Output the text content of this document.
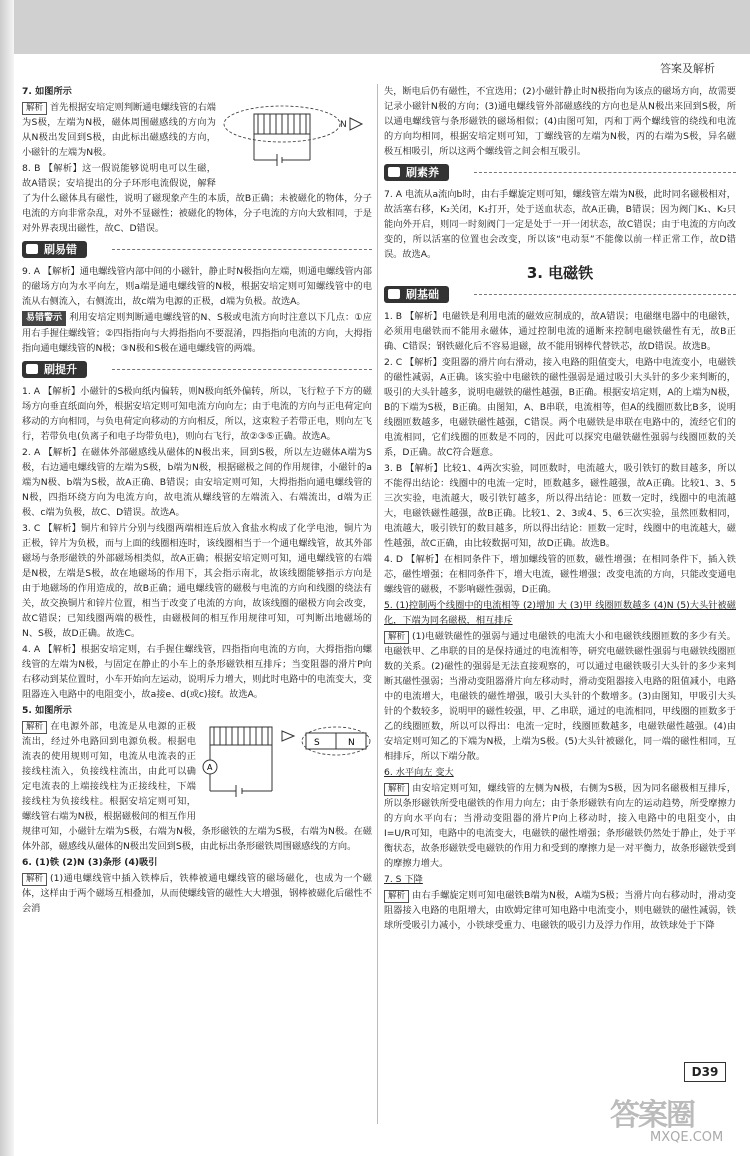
答案及解析

7. 如图所示

N

解析 首先根据安培定则判断通电螺线管的右端为S极，左端为N极，磁体周围磁感线的方向为从N极出发回到S极，由此标出磁感线的方向，小磁针的左端为N极。

8. B 【解析】这一假说能够说明电可以生磁，故A错误；安培提出的分子环形电流假说，解释了为什么磁体具有磁性，说明了磁现象产生的本质，故B正确；未被磁化的物体，分子电流的方向非常杂乱，对外不显磁性；被磁化的物体，分子电流的方向大致相同，于是对外界表现出磁性，故C、D错误。

刷易错

9. A 【解析】通电螺线管内部中间的小磁针，静止时N极指向左端，则通电螺线管内部的磁场方向为水平向左，则a端是通电螺线管的N极，根据安培定则可知螺线管中的电流从右侧流入，右侧流出，故c端为电源的正极，d端为负极。故选A。

易错警示 利用安培定则判断通电螺线管的N、S极或电流方向时注意以下几点：①应用右手握住螺线管；②四指指向与大拇指指向不要混淆，四指指向电流的方向，大拇指指向通电螺线管的N极；③N极和S极在通电螺线管的两端。

刷提升

1. A 【解析】小磁针的S极向纸内偏转，则N极向纸外偏转，所以，飞行粒子下方的磁场方向垂直纸面向外，根据安培定则可知电流方向向左；由于电流的方向与正电荷定向移动的方向相同，与负电荷定向移动的方向相反，所以，这束粒子若带正电，则向左飞行，若带负电(负离子和电子均带负电)，则向右飞行，故②③⑤正确。故选A。

2. A 【解析】在磁体外部磁感线从磁体的N极出来，回到S极，所以左边磁体A端为S极，右边通电螺线管的左端为S极，b端为N极，根据磁极之间的作用规律，小磁针的a端为N极、b端为S极，故A正确、B错误；由安培定则可知，大拇指指向通电螺线管的N极，四指环绕方向为电流方向，故电流从螺线管的左端流入、右端流出，d端为正极、c端为负极，故C、D错误。故选A。

3. C 【解析】铜片和锌片分别与线圈两端相连后放入食盐水构成了化学电池，铜片为正极，锌片为负极，而与上面的线圈相连时，该线圈相当于一个通电螺线管，故其外部磁场与条形磁铁的外部磁场相类似，故A正确；根据安培定则可知，通电螺线管的右端是N极，左端是S极，故在地磁场的作用下，其会指示南北，故该线圈能够指示方向是由于地磁场的作用造成的，故B正确；通电螺线管的磁极与电流的方向和线圈的绕法有关，故交换铜片和锌片位置，相当于改变了电流的方向，故该线圈的磁极方向会改变，故C错误；已知线圈两端的极性，由磁极间的相互作用规律可知，可判断出地磁场的N、S极，故D正确。故选C。

4. A 【解析】根据安培定则，右手握住螺线管，四指指向电流的方向，大拇指指向螺线管的左端为N极，与固定在静止的小车上的条形磁铁相互排斥；当变阻器的滑片P向右移动到某位置时，小车开始向左运动，说明斥力增大，则此时电路中的电流变大，变阻器连入电路中的电阻变小，故a接e、d(或c)接f。故选A。

5. 如图所示

A
S	N

解析 在电源外部，电流是从电源的正极流出，经过外电路回到电源负极。根据电流表的使用规则可知，电流从电流表的正接线柱流入，负接线柱流出，由此可以确定电流表的上端接线柱为正接线柱，下端接线柱为负接线柱。根据安培定则可知，螺线管右端为N极，根据磁极间的相互作用规律可知，小磁针左端为S极，右端为N极，条形磁铁的左端为S极，右端为N极。在磁体外部，磁感线从磁体的N极出发回到S极，由此标出条形磁铁周围磁感线的方向。

6. (1)铁 (2)N (3)条形 (4)吸引

解析 (1)通电螺线管中插入铁棒后，铁棒被通电螺线管的磁场磁化，也成为一个磁体，这样由于两个磁场互相叠加，从而使螺线管的磁性大大增强，钢棒被磁化后磁性不会消

失，断电后仍有磁性，不宜选用；(2)小磁针静止时N极指向为该点的磁场方向，故需要记录小磁针N极的方向；(3)通电螺线管外部磁感线的方向也是从N极出来回到S极，所以通电螺线管与条形磁铁的磁场相似；(4)由图可知，丙和丁两个螺线管的绕线和电流的方向均相同，根据安培定则可知，丁螺线管的左端为N极，丙的右端为S极，异名磁极互相吸引，所以这两个螺线管之间会相互吸引。

刷素养

7. A 电流从a流向b时，由右手螺旋定则可知，螺线管左端为N极，此时同名磁极相对，故活塞右移，K₂关闭，K₁打开，处于送血状态，故A正确，B错误；因为阀门K₁、K₂只能向外开启，则同一时刻阀门一定是处于一开一闭状态，故C错误；由于电流的方向改变的，所以活塞的位置也会改变，所以该“电动泵”不能像以前一样正常工作，故D错误。故选A。

3. 电磁铁
刷基础

1. B 【解析】电磁铁是利用电流的磁效应制成的，故A错误；电磁继电器中的电磁铁，必须用电磁铁而不能用永磁体，通过控制电流的通断来控制电磁铁磁性有无，故B正确、C错误；钢铁磁化后不容易退磁，故不能用钢棒代替铁芯，故D错误。故选B。

2. C 【解析】变阻器的滑片向右滑动，接入电路的阻值变大，电路中电流变小，电磁铁的磁性减弱，A正确。该实验中电磁铁的磁性强弱是通过吸引大头针的多少来判断的，吸引的大头针越多，说明电磁铁的磁性越强，B正确。根据安培定则，A的上端为N极，B的下端为S极，B正确。由图知，A、B串联，电流相等，但A的线圈匝数比B多，说明线圈匝数越多，电磁铁磁性越强，C错误。两个电磁铁是串联在电路中的，流经它们的电流相同，它们线圈的匝数是不同的，因此可以探究电磁铁磁性强弱与线圈匝数的关系，D正确。故C符合题意。

3. B 【解析】比较1、4两次实验，同匝数时，电流越大，吸引铁钉的数目越多，所以不能得出结论：线圈中的电流一定时，匝数越多，磁性越强，故A正确。比较1、3、5三次实验，电流越大，吸引铁钉越多，所以得出结论：匝数一定时，线圈中的电流越大，电磁铁磁性越强，故B正确。比较1、2、3或4、5、6三次实验，虽然匝数相同，电流越大，吸引铁钉的数目越多，所以得出结论：匝数一定时，线圈中的电流越大，磁性越强，故C正确，由比较数据可知，故D正确。故选B。

4. D 【解析】在相同条件下，增加螺线管的匝数，磁性增强；在相同条件下，插入铁芯，磁性增强；在相同条件下，增大电流，磁性增强；改变电流的方向，只能改变通电螺线管的磁极，不影响磁性强弱，D正确。

5. (1)控制两个线圈中的电流相等 (2)增加 大 (3)甲 线圈匝数越多 (4)N (5)大头针被磁化，下端为同名磁极，相互排斥

解析 (1)电磁铁磁性的强弱与通过电磁铁的电流大小和电磁铁线圈匝数的多少有关。电磁铁甲、乙串联的目的是保持通过的电流相等，研究电磁铁磁性强弱与电磁铁线圈匝数的关系。(2)磁性的强弱是无法直接观察的，可以通过电磁铁吸引大头针的多少来判断其磁性强弱；当滑动变阻器滑片向左移动时，滑动变阻器接入电路的阻值减小，电路中的电流增大，电磁铁的磁性增强，吸引大头针的个数增多。(3)由图知，甲吸引大头针的个数较多，说明甲的磁性较强，甲、乙串联，通过的电流相同，甲线圈的匝数多于乙的线圈匝数，所以可以得出：电流一定时，线圈匝数越多，电磁铁磁性越强。(4)由安培定则可知乙的下端为N极，上端为S极。(5)大头针被磁化，同一端的磁性相同，互相排斥，所以下端分散。

6. 水平向左 变大

解析 由安培定则可知，螺线管的左侧为N极，右侧为S极，因为同名磁极相互排斥，所以条形磁铁所受电磁铁的作用力向左；由于条形磁铁有向左的运动趋势，所受摩擦力的方向水平向右；当滑动变阻器的滑片P向上移动时，接入电路中的电阻变小，由I=U/R可知，电路中的电流变大，电磁铁的磁性增强；条形磁铁仍然处于静止，处于平衡状态，故条形磁铁受电磁铁的作用力和受到的摩擦力是一对平衡力，故条形磁铁受到的摩擦力增大。

7. S 下降

解析 由右手螺旋定则可知电磁铁B端为N极，A端为S极；当滑片向右移动时，滑动变阻器接入电路的电阻增大，由欧姆定律可知电路中电流变小，则电磁铁的磁性减弱，铁球所受吸引力减小，小铁球受重力、电磁铁的吸引力及浮力作用，故铁球处于下降

D39
答案圈
MXQE.COM
